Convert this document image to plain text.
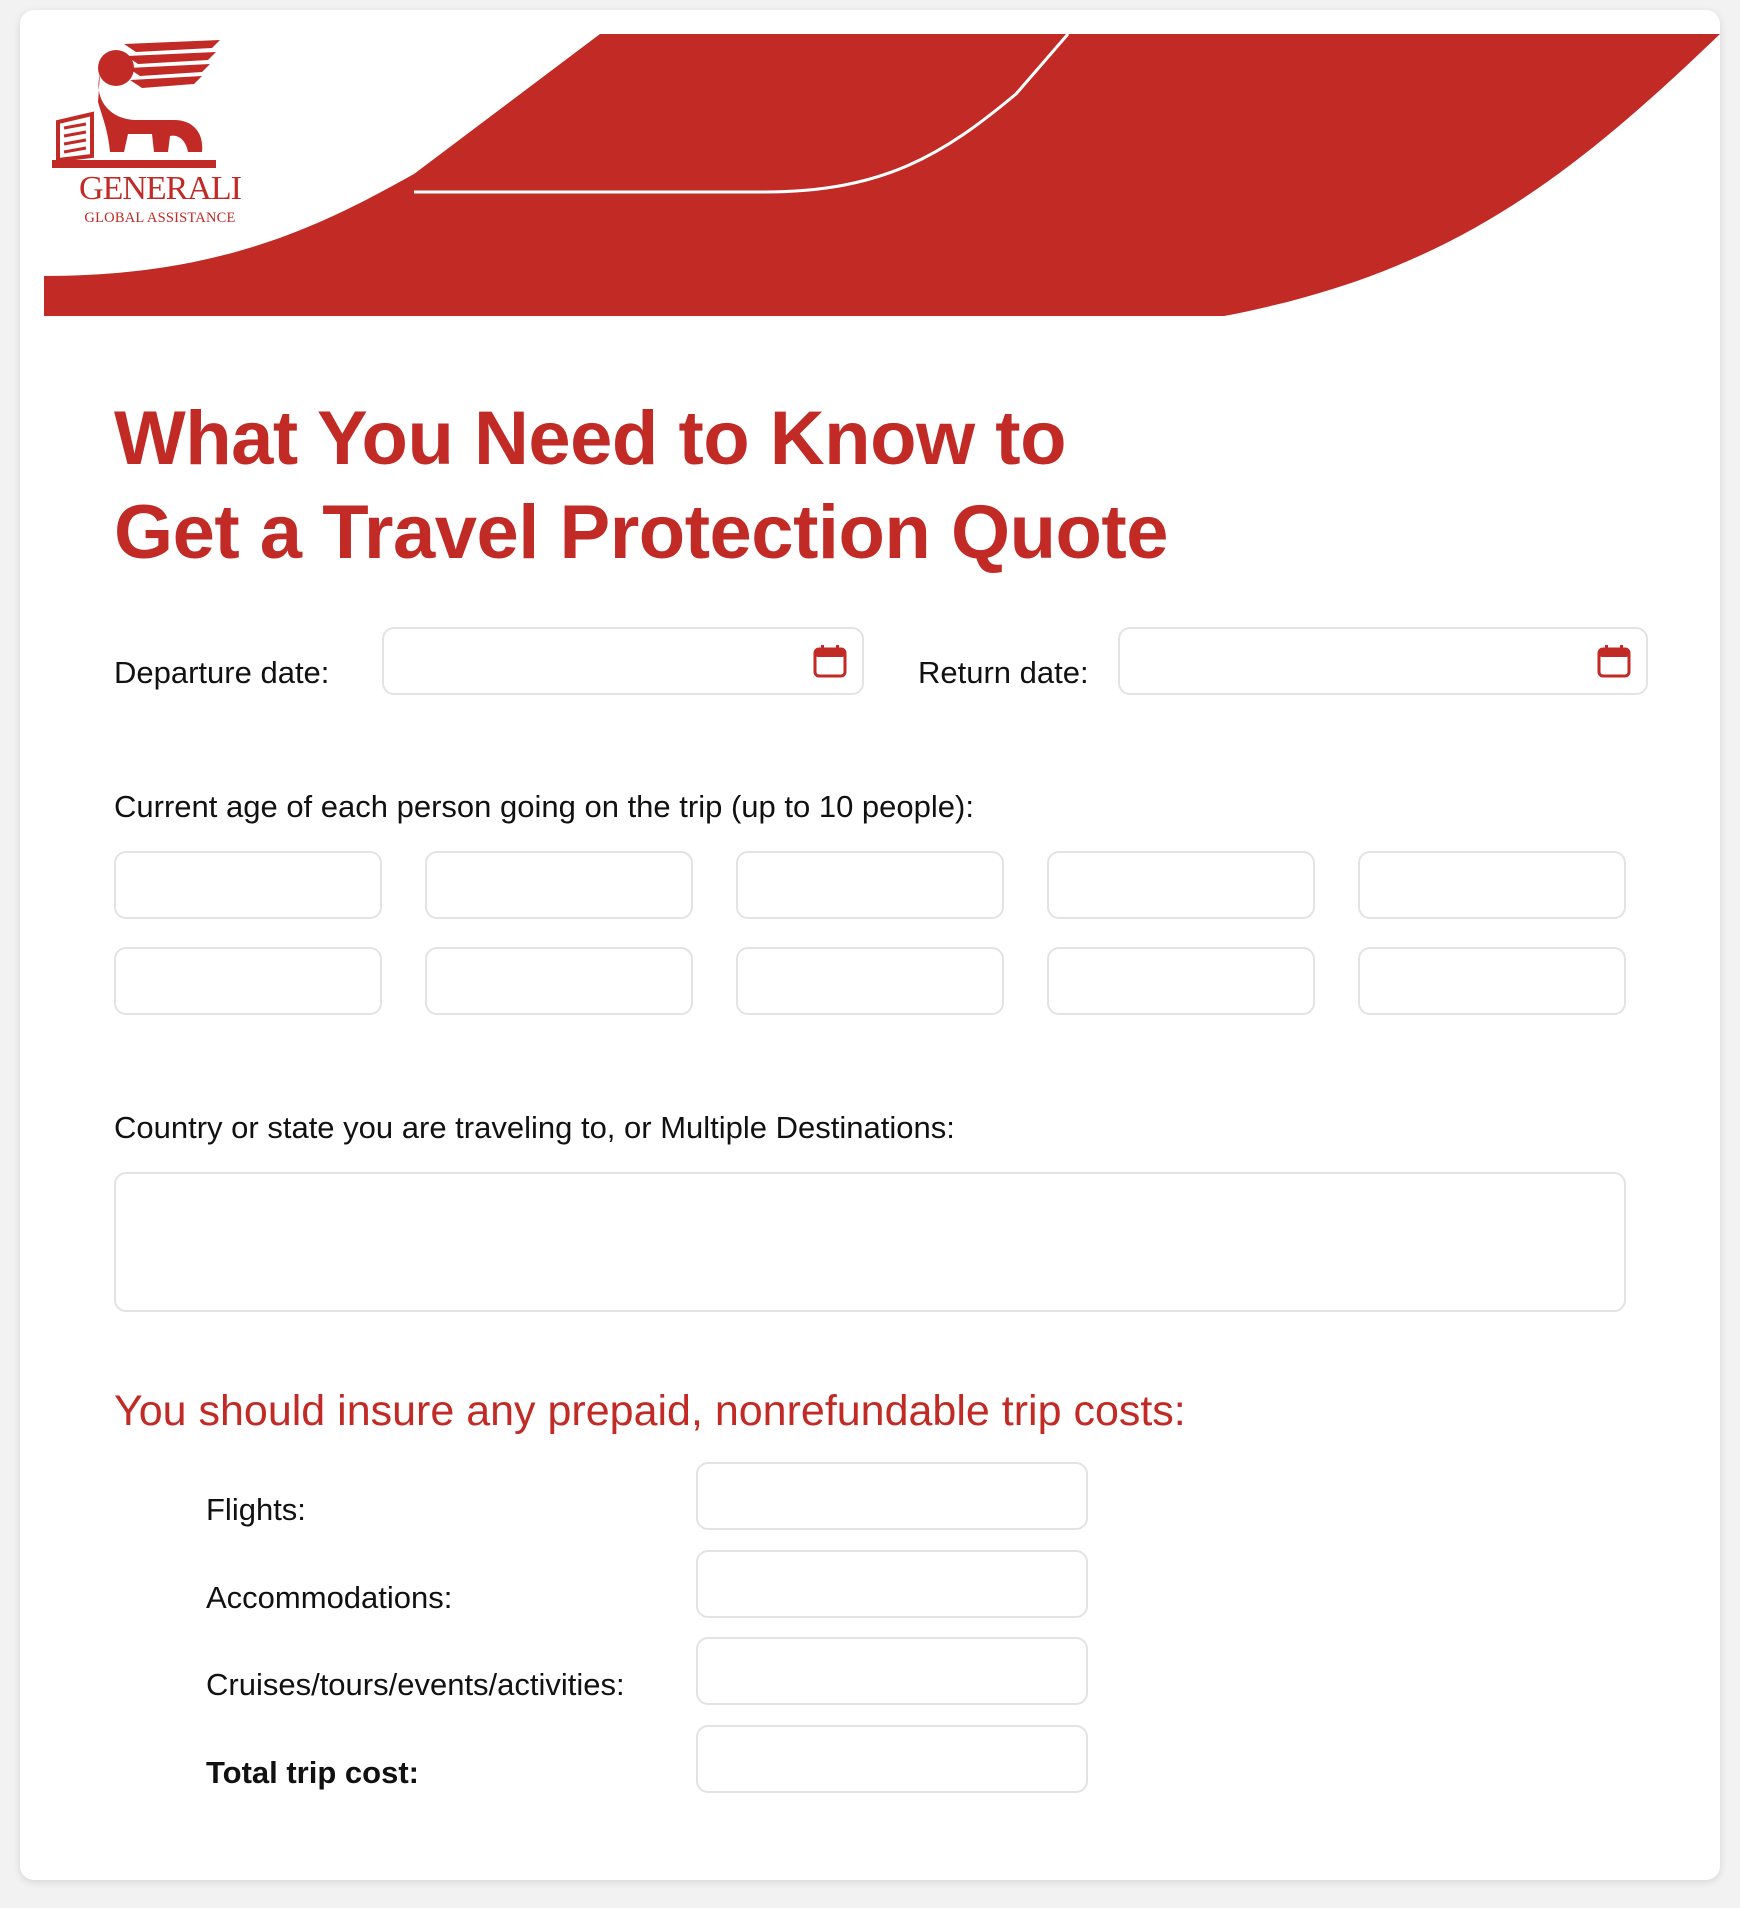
GENERALI
GLOBAL ASSISTANCE
What You Need to Know to
Get a Travel Protection Quote
Departure date:	Return date:
Current age of each person going on the trip (up to 10 people):
Country or state you are traveling to, or Multiple Destinations:
You should insure any prepaid, nonrefundable trip costs:
Flights:
Accommodations:
Cruises/tours/events/activities:
Total trip cost:
